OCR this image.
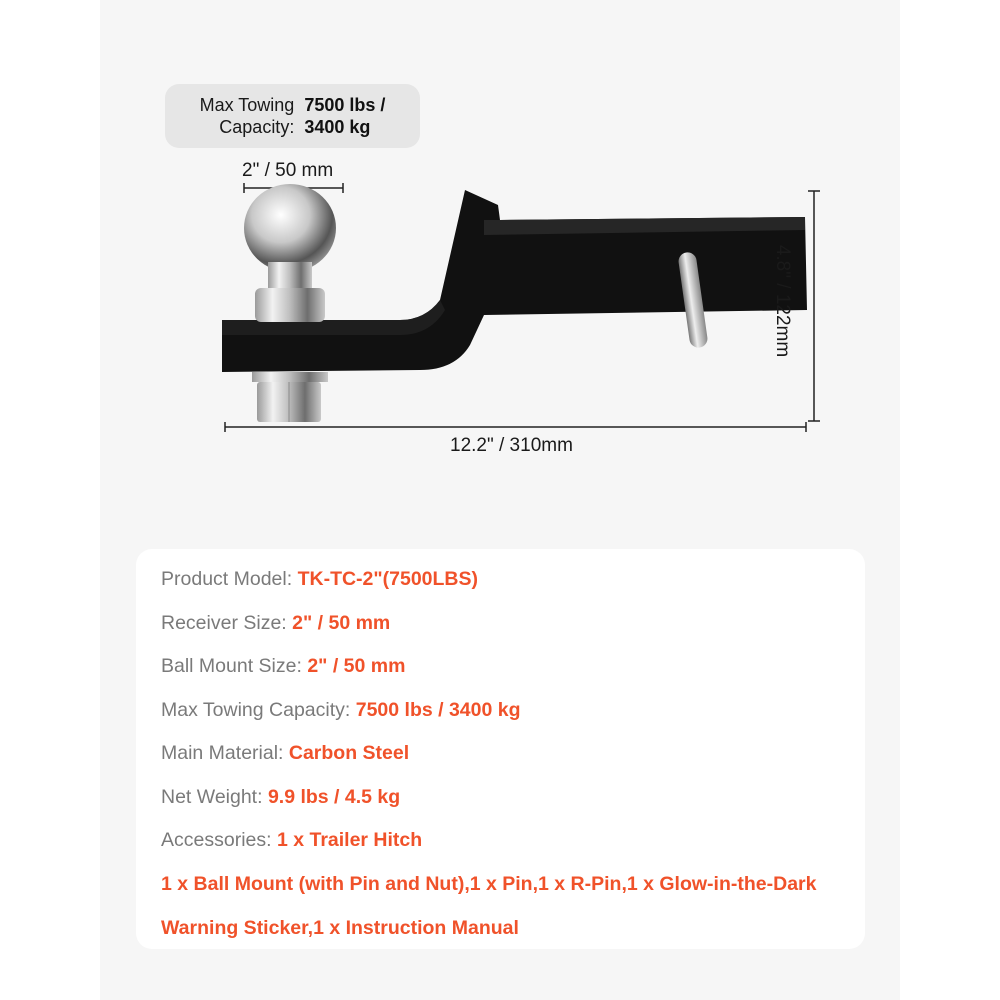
Max Towing
Capacity:
7500 lbs /
3400 kg
2" / 50 mm
4.8" / 122mm
12.2" / 310mm
Product Model: TK-TC-2"(7500LBS)
Receiver Size: 2" / 50 mm
Ball Mount Size: 2" / 50 mm
Max Towing Capacity: 7500 lbs / 3400 kg
Main Material: Carbon Steel
Net Weight: 9.9 lbs / 4.5 kg
Accessories: 1 x Trailer Hitch
1 x Ball Mount (with Pin and Nut),1 x Pin,1 x R-Pin,1 x Glow-in-the-Dark
Warning Sticker,1 x Instruction Manual
